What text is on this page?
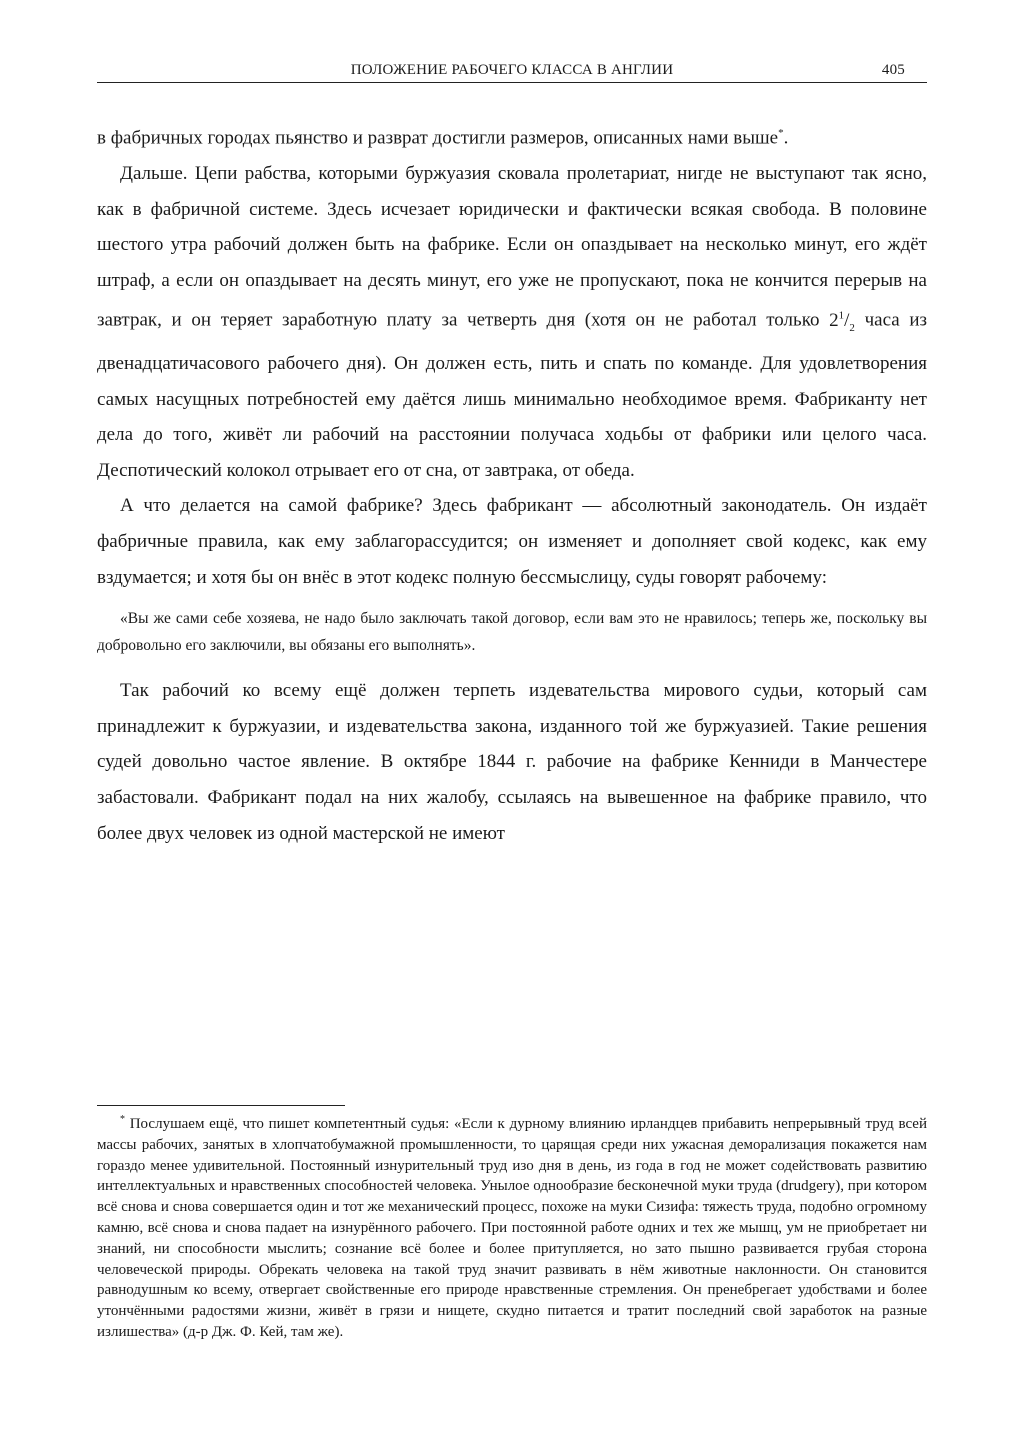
ПОЛОЖЕНИЕ РАБОЧЕГО КЛАССА В АНГЛИИ	405

в фабричных городах пьянство и разврат достигли размеров, описанных нами выше*.

Дальше. Цепи рабства, которыми буржуазия сковала пролетариат, нигде не выступают так ясно, как в фабричной системе. Здесь исчезает юридически и фактически всякая свобода. В половине шестого утра рабочий должен быть на фабрике. Если он опаздывает на несколько минут, его ждёт штраф, а если он опаздывает на десять минут, его уже не пропускают, пока не кончится перерыв на завтрак, и он теряет заработную плату за четверть дня (хотя он не работал только $2^1/_2$ часа из двенадцатичасового рабочего дня). Он должен есть, пить и спать по команде. Для удовлетворения самых насущных потребностей ему даётся лишь минимально необходимое время. Фабриканту нет дела до того, живёт ли рабочий на расстоянии получаса ходьбы от фабрики или целого часа. Деспотический колокол отрывает его от сна, от завтрака, от обеда.

А что делается на самой фабрике? Здесь фабрикант — абсолютный законодатель. Он издаёт фабричные правила, как ему заблагорассудится; он изменяет и дополняет свой кодекс, как ему вздумается; и хотя бы он внёс в этот кодекс полную бессмыслицу, суды говорят рабочему:

«Вы же сами себе хозяева, не надо было заключать такой договор, если вам это не нравилось; теперь же, поскольку вы добровольно его заключили, вы обязаны его выполнять».

Так рабочий ко всему ещё должен терпеть издевательства мирового судьи, который сам принадлежит к буржуазии, и издевательства закона, изданного той же буржуазией. Такие решения судей довольно частое явление. В октябре 1844 г. рабочие на фабрике Кенниди в Манчестере забастовали. Фабрикант подал на них жалобу, ссылаясь на вывешенное на фабрике правило, что более двух человек из одной мастерской не имеют

* Послушаем ещё, что пишет компетентный судья: «Если к дурному влиянию ирландцев прибавить непрерывный труд всей массы рабочих, занятых в хлопчатобумажной промышленности, то царящая среди них ужасная деморализация покажется нам гораздо менее удивительной. Постоянный изнурительный труд изо дня в день, из года в год не может содействовать развитию интеллектуальных и нравственных способностей человека. Унылое однообразие бесконечной муки труда (drudgery), при котором всё снова и снова совершается один и тот же механический процесс, похоже на муки Сизифа: тяжесть труда, подобно огромному камню, всё снова и снова падает на изнурённого рабочего. При постоянной работе одних и тех же мышц, ум не приобретает ни знаний, ни способности мыслить; сознание всё более и более притупляется, но зато пышно развивается грубая сторона человеческой природы. Обрекать человека на такой труд значит развивать в нём животные наклонности. Он становится равнодушным ко всему, отвергает свойственные его природе нравственные стремления. Он пренебрегает удобствами и более утончёнными радостями жизни, живёт в грязи и нищете, скудно питается и тратит последний свой заработок на разные излишества» (д-р Дж. Ф. Кей, там же).
